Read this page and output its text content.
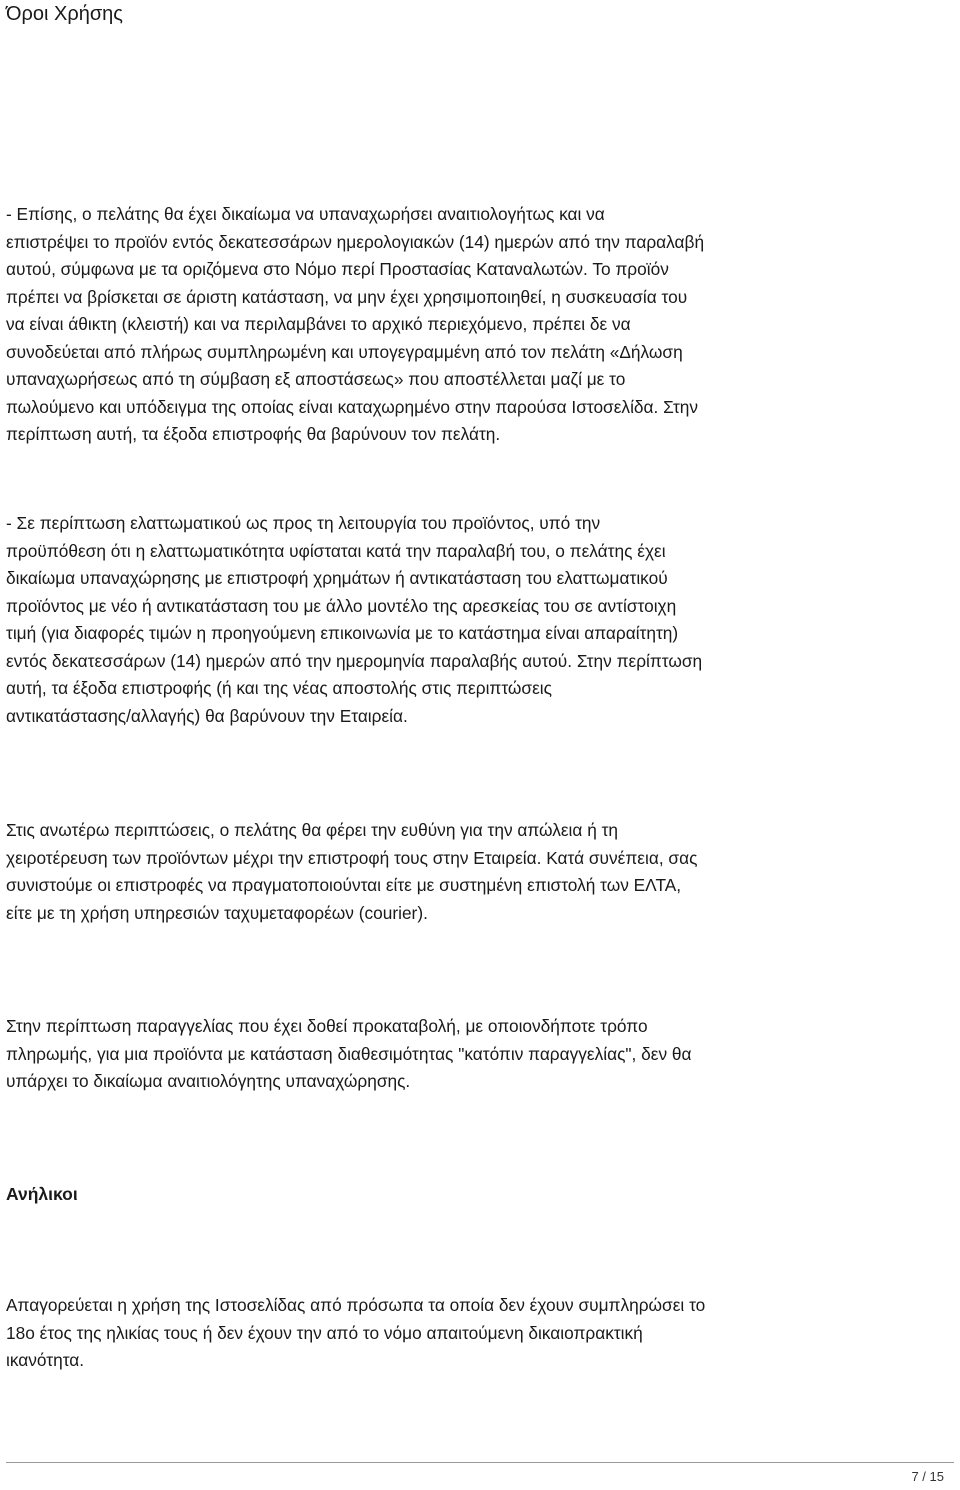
Όροι Χρήσης
- Επίσης, ο πελάτης θα έχει δικαίωμα να υπαναχωρήσει αναιτιολογήτως και να
επιστρέψει το προϊόν εντός δεκατεσσάρων ημερολογιακών (14) ημερών από την παραλαβή
αυτού, σύμφωνα με τα οριζόμενα στο Νόμο περί Προστασίας Καταναλωτών. Το προϊόν
πρέπει να βρίσκεται σε άριστη κατάσταση, να μην έχει χρησιμοποιηθεί, η συσκευασία του
να είναι άθικτη (κλειστή) και να περιλαμβάνει το αρχικό περιεχόμενο, πρέπει δε να
συνοδεύεται από πλήρως συμπληρωμένη και υπογεγραμμένη από τον πελάτη «Δήλωση
υπαναχωρήσεως από τη σύμβαση εξ αποστάσεως» που αποστέλλεται μαζί με το
πωλούμενο και υπόδειγμα της οποίας είναι καταχωρημένο στην παρούσα Ιστοσελίδα. Στην
περίπτωση αυτή, τα έξοδα επιστροφής θα βαρύνουν τον πελάτη.
- Σε περίπτωση ελαττωματικού ως προς τη λειτουργία του προϊόντος, υπό την
προϋπόθεση ότι η ελαττωματικότητα υφίσταται κατά την παραλαβή του, ο πελάτης έχει
δικαίωμα υπαναχώρησης με επιστροφή χρημάτων ή αντικατάσταση του ελαττωματικού
προϊόντος με νέο ή αντικατάσταση του με άλλο μοντέλο της αρεσκείας του σε αντίστοιχη
τιμή (για διαφορές τιμών η προηγούμενη επικοινωνία με το κατάστημα είναι απαραίτητη)
εντός δεκατεσσάρων (14) ημερών από την ημερομηνία παραλαβής αυτού. Στην περίπτωση
αυτή, τα έξοδα επιστροφής (ή και της νέας αποστολής στις περιπτώσεις
αντικατάστασης/αλλαγής) θα βαρύνουν την Εταιρεία.
Στις ανωτέρω περιπτώσεις, ο πελάτης θα φέρει την ευθύνη για την απώλεια ή τη
χειροτέρευση των προϊόντων μέχρι την επιστροφή τους στην Εταιρεία. Κατά συνέπεια, σας
συνιστούμε οι επιστροφές να πραγματοποιούνται είτε με συστημένη επιστολή των ΕΛΤΑ,
είτε με τη χρήση υπηρεσιών ταχυμεταφορέων (courier).
Στην περίπτωση παραγγελίας που έχει δοθεί προκαταβολή, με οποιονδήποτε τρόπο
πληρωμής, για μια προϊόντα με κατάσταση διαθεσιμότητας "κατόπιν παραγγελίας", δεν θα
υπάρχει το δικαίωμα αναιτιολόγητης υπαναχώρησης.
Ανήλικοι
Απαγορεύεται η χρήση της Ιστοσελίδας από πρόσωπα τα οποία δεν έχουν συμπληρώσει το
18ο έτος της ηλικίας τους ή δεν έχουν την από το νόμο απαιτούμενη δικαιοπρακτική
ικανότητα.
7 / 15
